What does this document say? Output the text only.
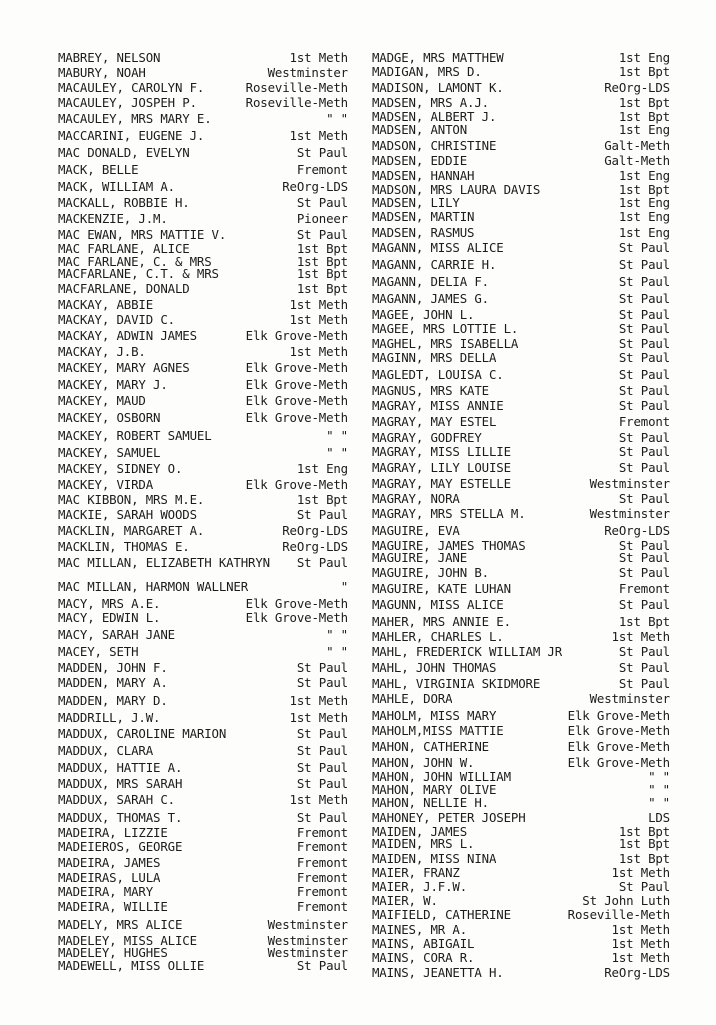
MABREY, NELSON	1st Meth
MABURY, NOAH	Westminster
MACAULEY, CAROLYN F.	Roseville-Meth
MACAULEY, JOSPEH P.	Roseville-Meth
MACAULEY, MRS MARY E.	" "
MACCARINI, EUGENE J.	1st Meth
MAC DONALD, EVELYN	St Paul
MACK, BELLE	Fremont
MACK, WILLIAM A.	ReOrg-LDS
MACKALL, ROBBIE H.	St Paul
MACKENZIE, J.M.	Pioneer
MAC EWAN, MRS MATTIE V.	St Paul
MAC FARLANE, ALICE	1st Bpt
MAC FARLANE, C. & MRS	1st Bpt
MACFARLANE, C.T. & MRS	1st Bpt
MACFARLANE, DONALD	1st Bpt
MACKAY, ABBIE	1st Meth
MACKAY, DAVID C.	1st Meth
MACKAY, ADWIN JAMES	Elk Grove-Meth
MACKAY, J.B.	1st Meth
MACKEY, MARY AGNES	Elk Grove-Meth
MACKEY, MARY J.	Elk Grove-Meth
MACKEY, MAUD	Elk Grove-Meth
MACKEY, OSBORN	Elk Grove-Meth
MACKEY, ROBERT SAMUEL	" "
MACKEY, SAMUEL	" "
MACKEY, SIDNEY O.	1st Eng
MACKEY, VIRDA	Elk Grove-Meth
MAC KIBBON, MRS M.E.	1st Bpt
MACKIE, SARAH WOODS	St Paul
MACKLIN, MARGARET A.	ReOrg-LDS
MACKLIN, THOMAS E.	ReOrg-LDS
MAC MILLAN, ELIZABETH KATHRYN	St Paul
MAC MILLAN, HARMON WALLNER	"
MACY, MRS A.E.	Elk Grove-Meth
MACY, EDWIN L.	Elk Grove-Meth
MACY, SARAH JANE	" "
MACEY, SETH	" "
MADDEN, JOHN F.	St Paul
MADDEN, MARY A.	St Paul
MADDEN, MARY D.	1st Meth
MADDRILL, J.W.	1st Meth
MADDUX, CAROLINE MARION	St Paul
MADDUX, CLARA	St Paul
MADDUX, HATTIE A.	St Paul
MADDUX, MRS SARAH	St Paul
MADDUX, SARAH C.	1st Meth
MADDUX, THOMAS T.	St Paul
MADEIRA, LIZZIE	Fremont
MADEIEROS, GEORGE	Fremont
MADEIRA, JAMES	Fremont
MADEIRAS, LULA	Fremont
MADEIRA, MARY	Fremont
MADEIRA, WILLIE	Fremont
MADELY, MRS ALICE	Westminster
MADELEY, MISS ALICE	Westminster
MADELEY, HUGHES	Westminster
MADEWELL, MISS OLLIE	St Paul
MADGE, MRS MATTHEW	1st Eng
MADIGAN, MRS D.	1st Bpt
MADISON, LAMONT K.	ReOrg-LDS
MADSEN, MRS A.J.	1st Bpt
MADSEN, ALBERT J.	1st Bpt
MADSEN, ANTON	1st Eng
MADSON, CHRISTINE	Galt-Meth
MADSEN, EDDIE	Galt-Meth
MADSEN, HANNAH	1st Eng
MADSON, MRS LAURA DAVIS	1st Bpt
MADSEN, LILY	1st Eng
MADSEN, MARTIN	1st Eng
MADSEN, RASMUS	1st Eng
MAGANN, MISS ALICE	St Paul
MAGANN, CARRIE H.	St Paul
MAGANN, DELIA F.	St Paul
MAGANN, JAMES G.	St Paul
MAGEE, JOHN L.	St Paul
MAGEE, MRS LOTTIE L.	St Paul
MAGHEL, MRS ISABELLA	St Paul
MAGINN, MRS DELLA	St Paul
MAGLEDT, LOUISA C.	St Paul
MAGNUS, MRS KATE	St Paul
MAGRAY, MISS ANNIE	St Paul
MAGRAY, MAY ESTEL	Fremont
MAGRAY, GODFREY	St Paul
MAGRAY, MISS LILLIE	St Paul
MAGRAY, LILY LOUISE	St Paul
MAGRAY, MAY ESTELLE	Westminster
MAGRAY, NORA	St Paul
MAGRAY, MRS STELLA M.	Westminster
MAGUIRE, EVA	ReOrg-LDS
MAGUIRE, JAMES THOMAS	St Paul
MAGUIRE, JANE	St Paul
MAGUIRE, JOHN B.	St Paul
MAGUIRE, KATE LUHAN	Fremont
MAGUNN, MISS ALICE	St Paul
MAHER, MRS ANNIE E.	1st Bpt
MAHLER, CHARLES L.	1st Meth
MAHL, FREDERICK WILLIAM JR	St Paul
MAHL, JOHN THOMAS	St Paul
MAHL, VIRGINIA SKIDMORE	St Paul
MAHLE, DORA	Westminster
MAHOLM, MISS MARY	Elk Grove-Meth
MAHOLM,MISS MATTIE	Elk Grove-Meth
MAHON, CATHERINE	Elk Grove-Meth
MAHON, JOHN W.	Elk Grove-Meth
MAHON, JOHN WILLIAM	" "
MAHON, MARY OLIVE	" "
MAHON, NELLIE H.	" "
MAHONEY, PETER JOSEPH	LDS
MAIDEN, JAMES	1st Bpt
MAIDEN, MRS L.	1st Bpt
MAIDEN, MISS NINA	1st Bpt
MAIER, FRANZ	1st Meth
MAIER, J.F.W.	St Paul
MAIER, W.	St John Luth
MAIFIELD, CATHERINE	Roseville-Meth
MAINES, MR A.	1st Meth
MAINS, ABIGAIL	1st Meth
MAINS, CORA R.	1st Meth
MAINS, JEANETTA H.	ReOrg-LDS
